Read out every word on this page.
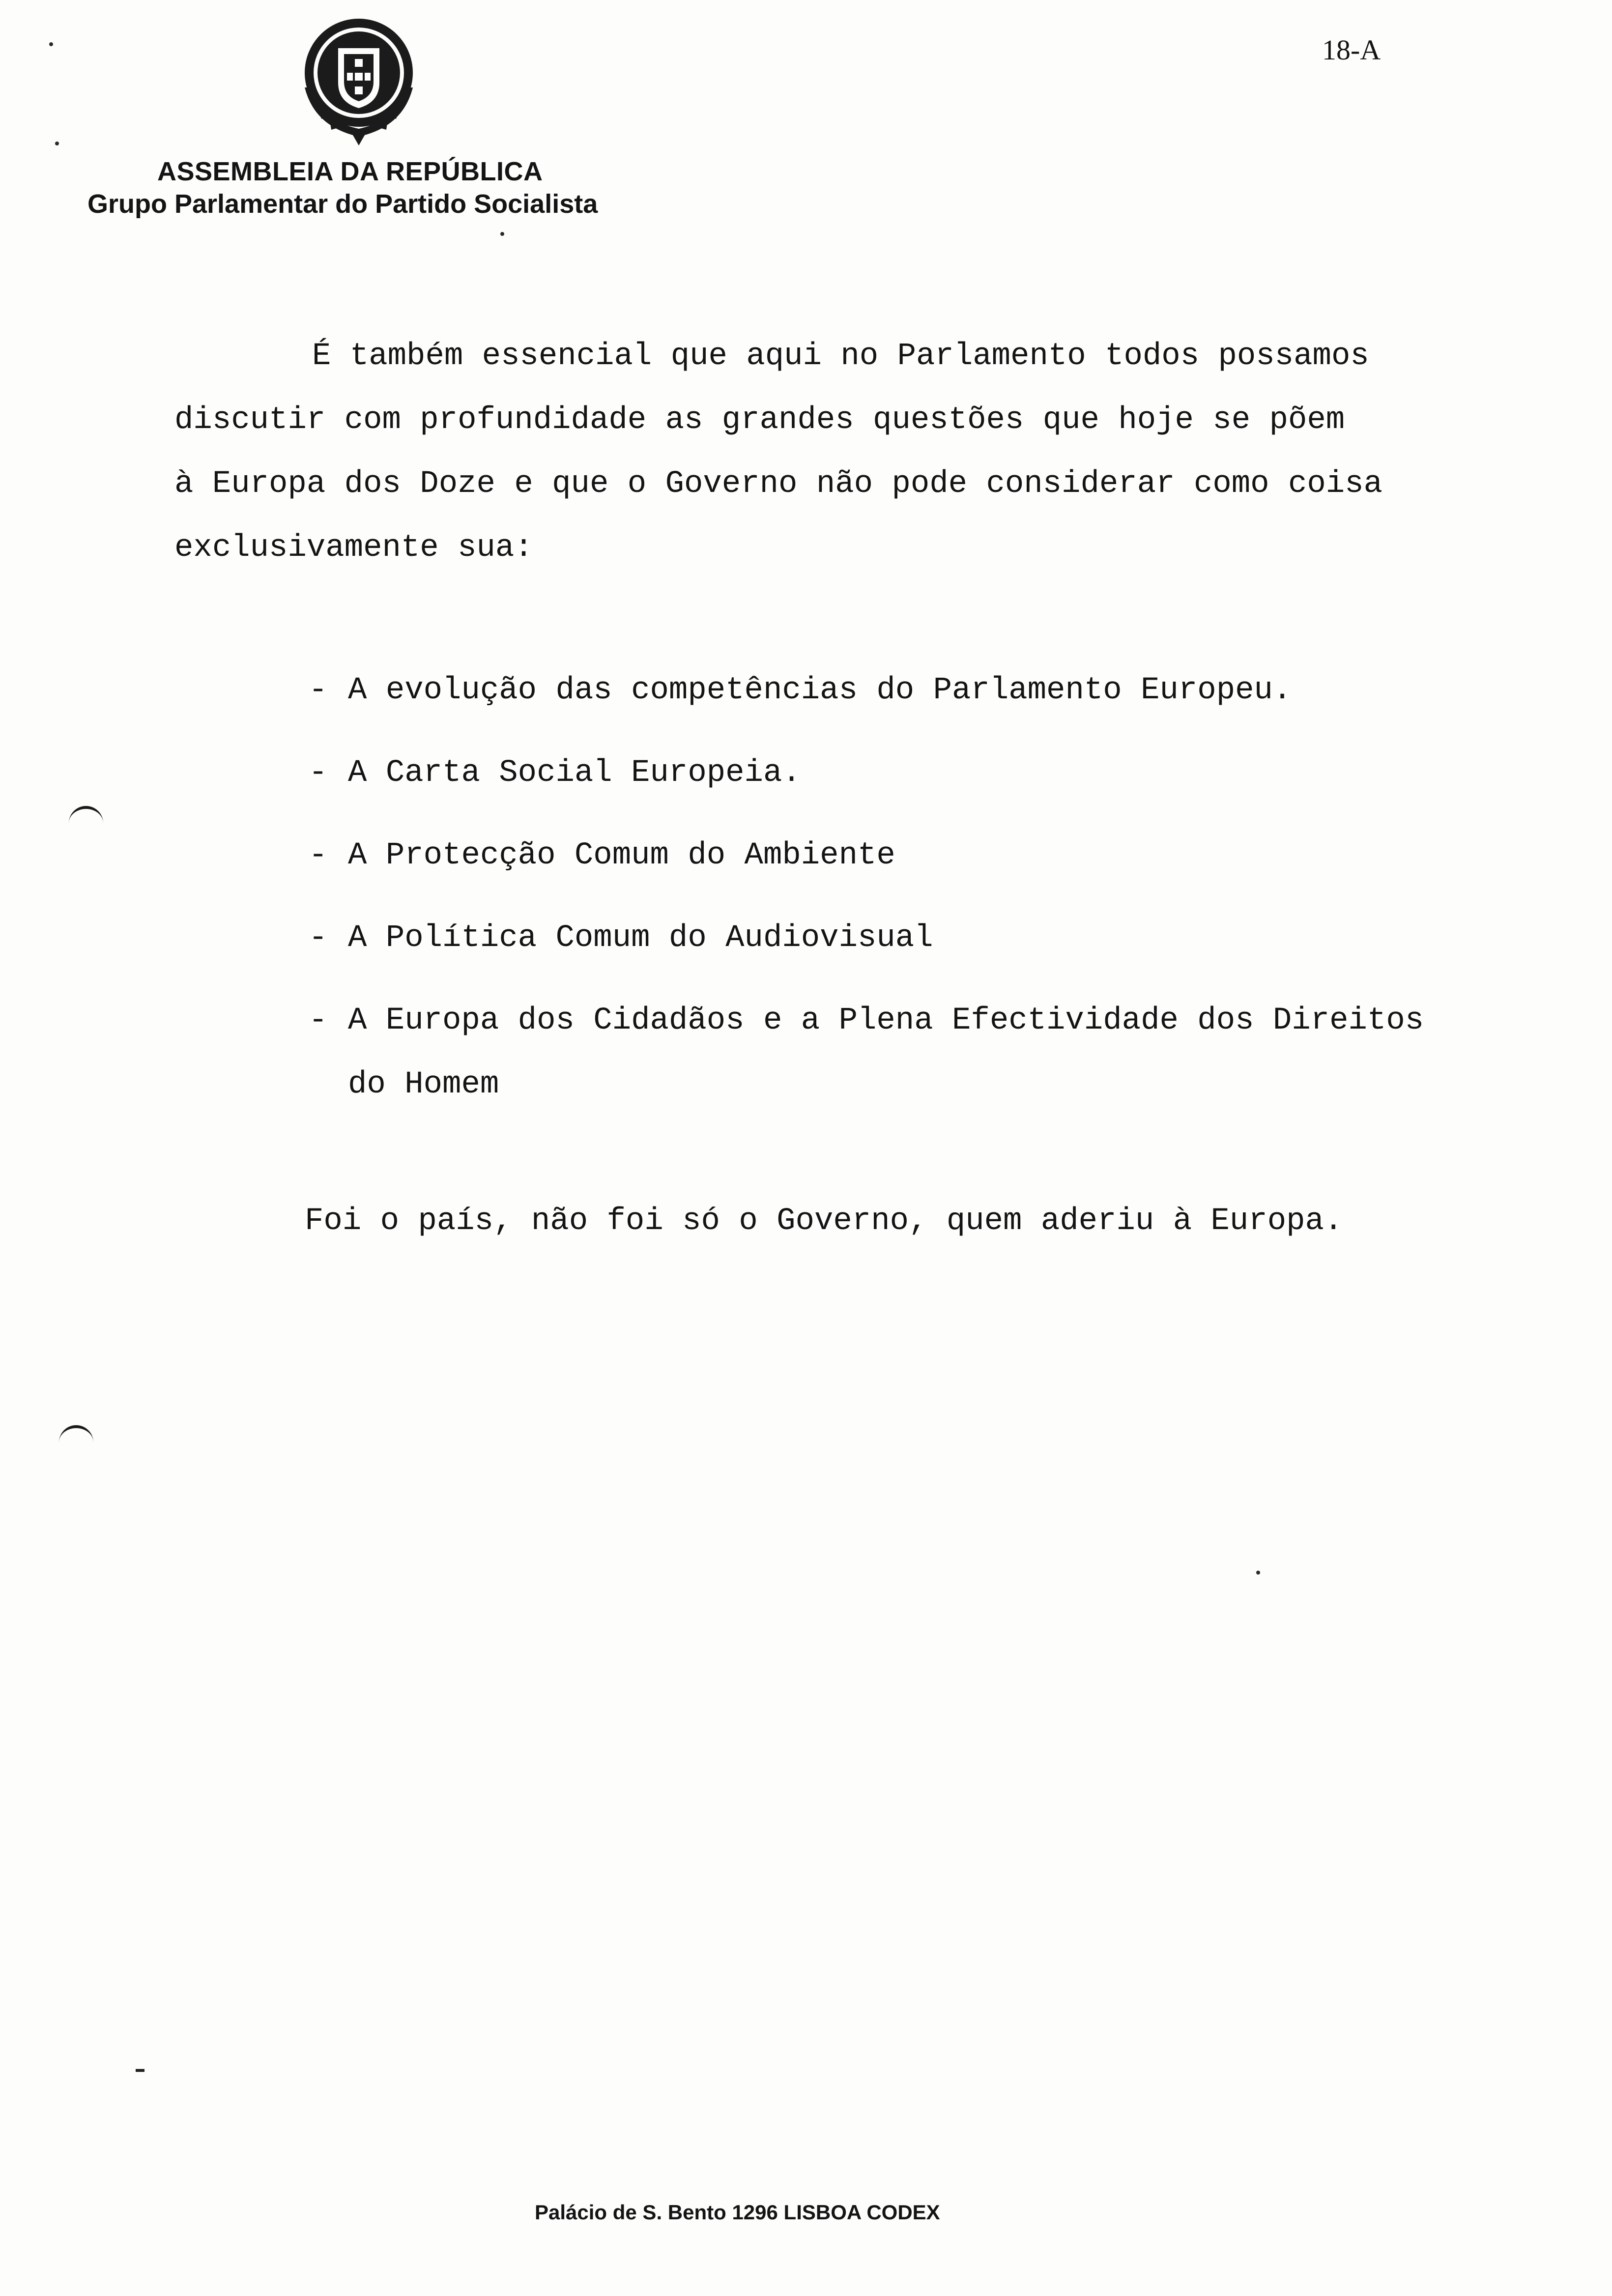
ASSEMBLEIA DA REPÚBLICA
Grupo Parlamentar do Partido Socialista
18-A
É também essencial que aqui no Parlamento todos possamos
discutir com profundidade as grandes questões que hoje se põem
à Europa dos Doze e que o Governo não pode considerar como coisa
exclusivamente sua:
- A evolução das competências do Parlamento Europeu.
- A Carta Social Europeia.
- A Protecção Comum do Ambiente
- A Política Comum do Audiovisual
- A Europa dos Cidadãos e a Plena Efectividade dos Direitos
do Homem
Foi o país, não foi só o Governo, quem aderiu à Europa.
Palácio de S. Bento 1296 LISBOA CODEX
